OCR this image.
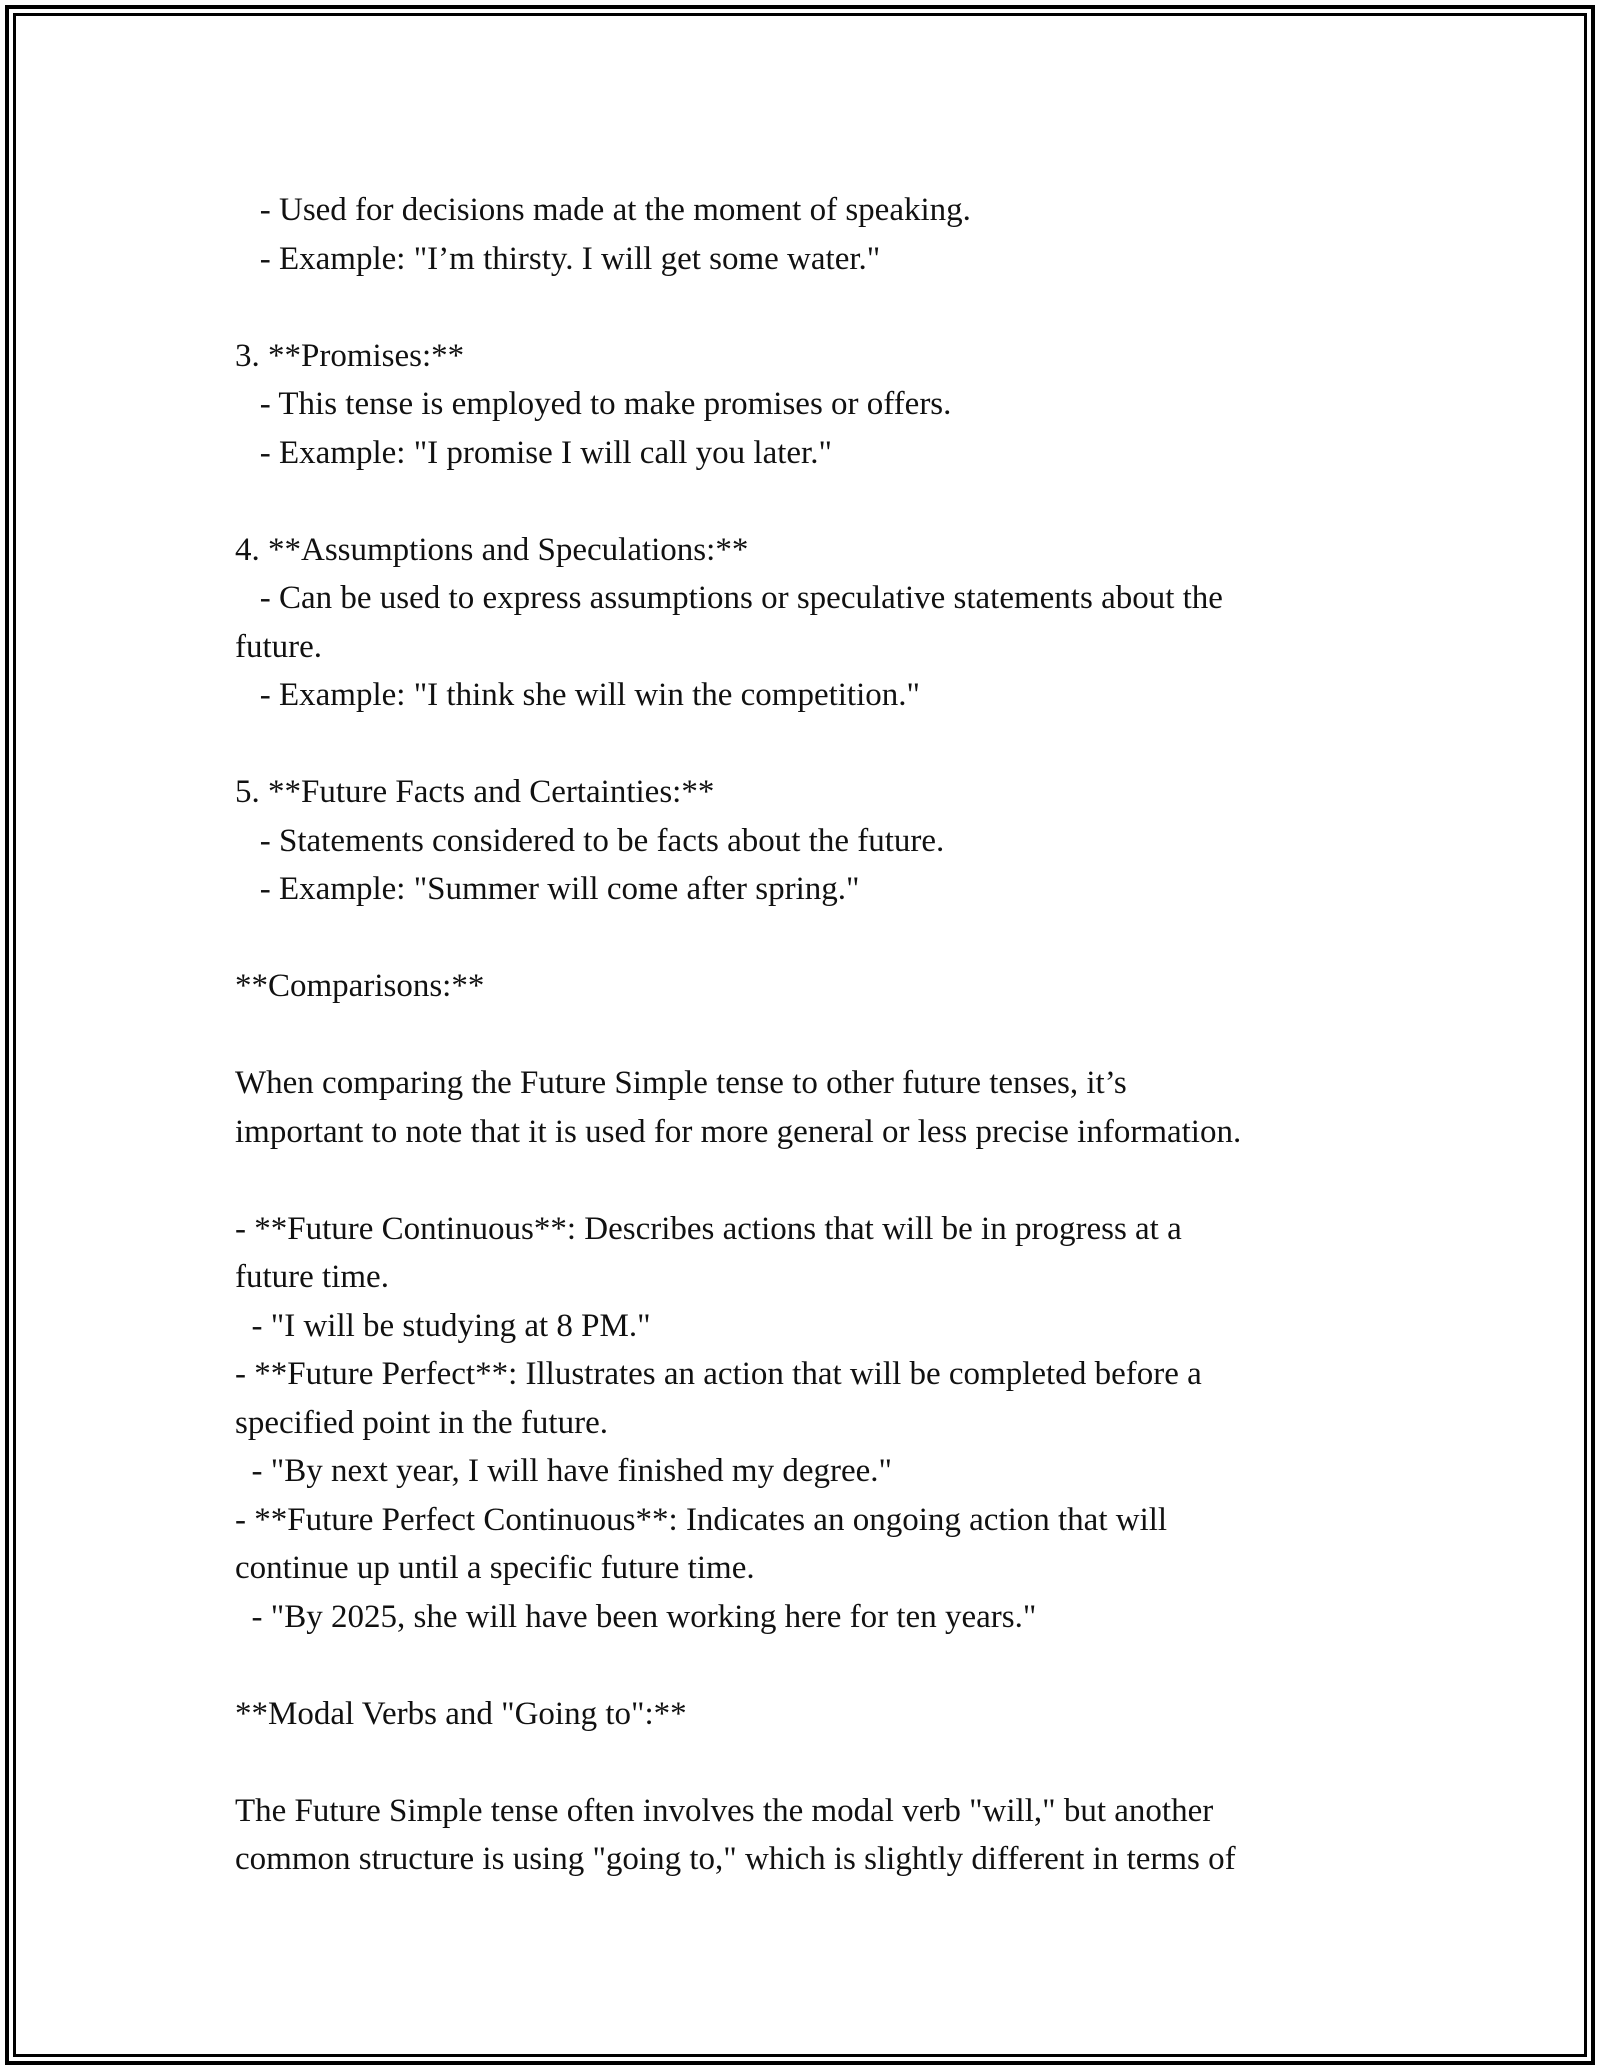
- Used for decisions made at the moment of speaking.
- Example: "I’m thirsty. I will get some water."
3. **Promises:**
- This tense is employed to make promises or offers.
- Example: "I promise I will call you later."
4. **Assumptions and Speculations:**
- Can be used to express assumptions or speculative statements about the
future.
- Example: "I think she will win the competition."
5. **Future Facts and Certainties:**
- Statements considered to be facts about the future.
- Example: "Summer will come after spring."
**Comparisons:**
When comparing the Future Simple tense to other future tenses, it’s
important to note that it is used for more general or less precise information.
- **Future Continuous**: Describes actions that will be in progress at a
future time.
- "I will be studying at 8 PM."
- **Future Perfect**: Illustrates an action that will be completed before a
specified point in the future.
- "By next year, I will have finished my degree."
- **Future Perfect Continuous**: Indicates an ongoing action that will
continue up until a specific future time.
- "By 2025, she will have been working here for ten years."
**Modal Verbs and "Going to":**
The Future Simple tense often involves the modal verb "will," but another
common structure is using "going to," which is slightly different in terms of
